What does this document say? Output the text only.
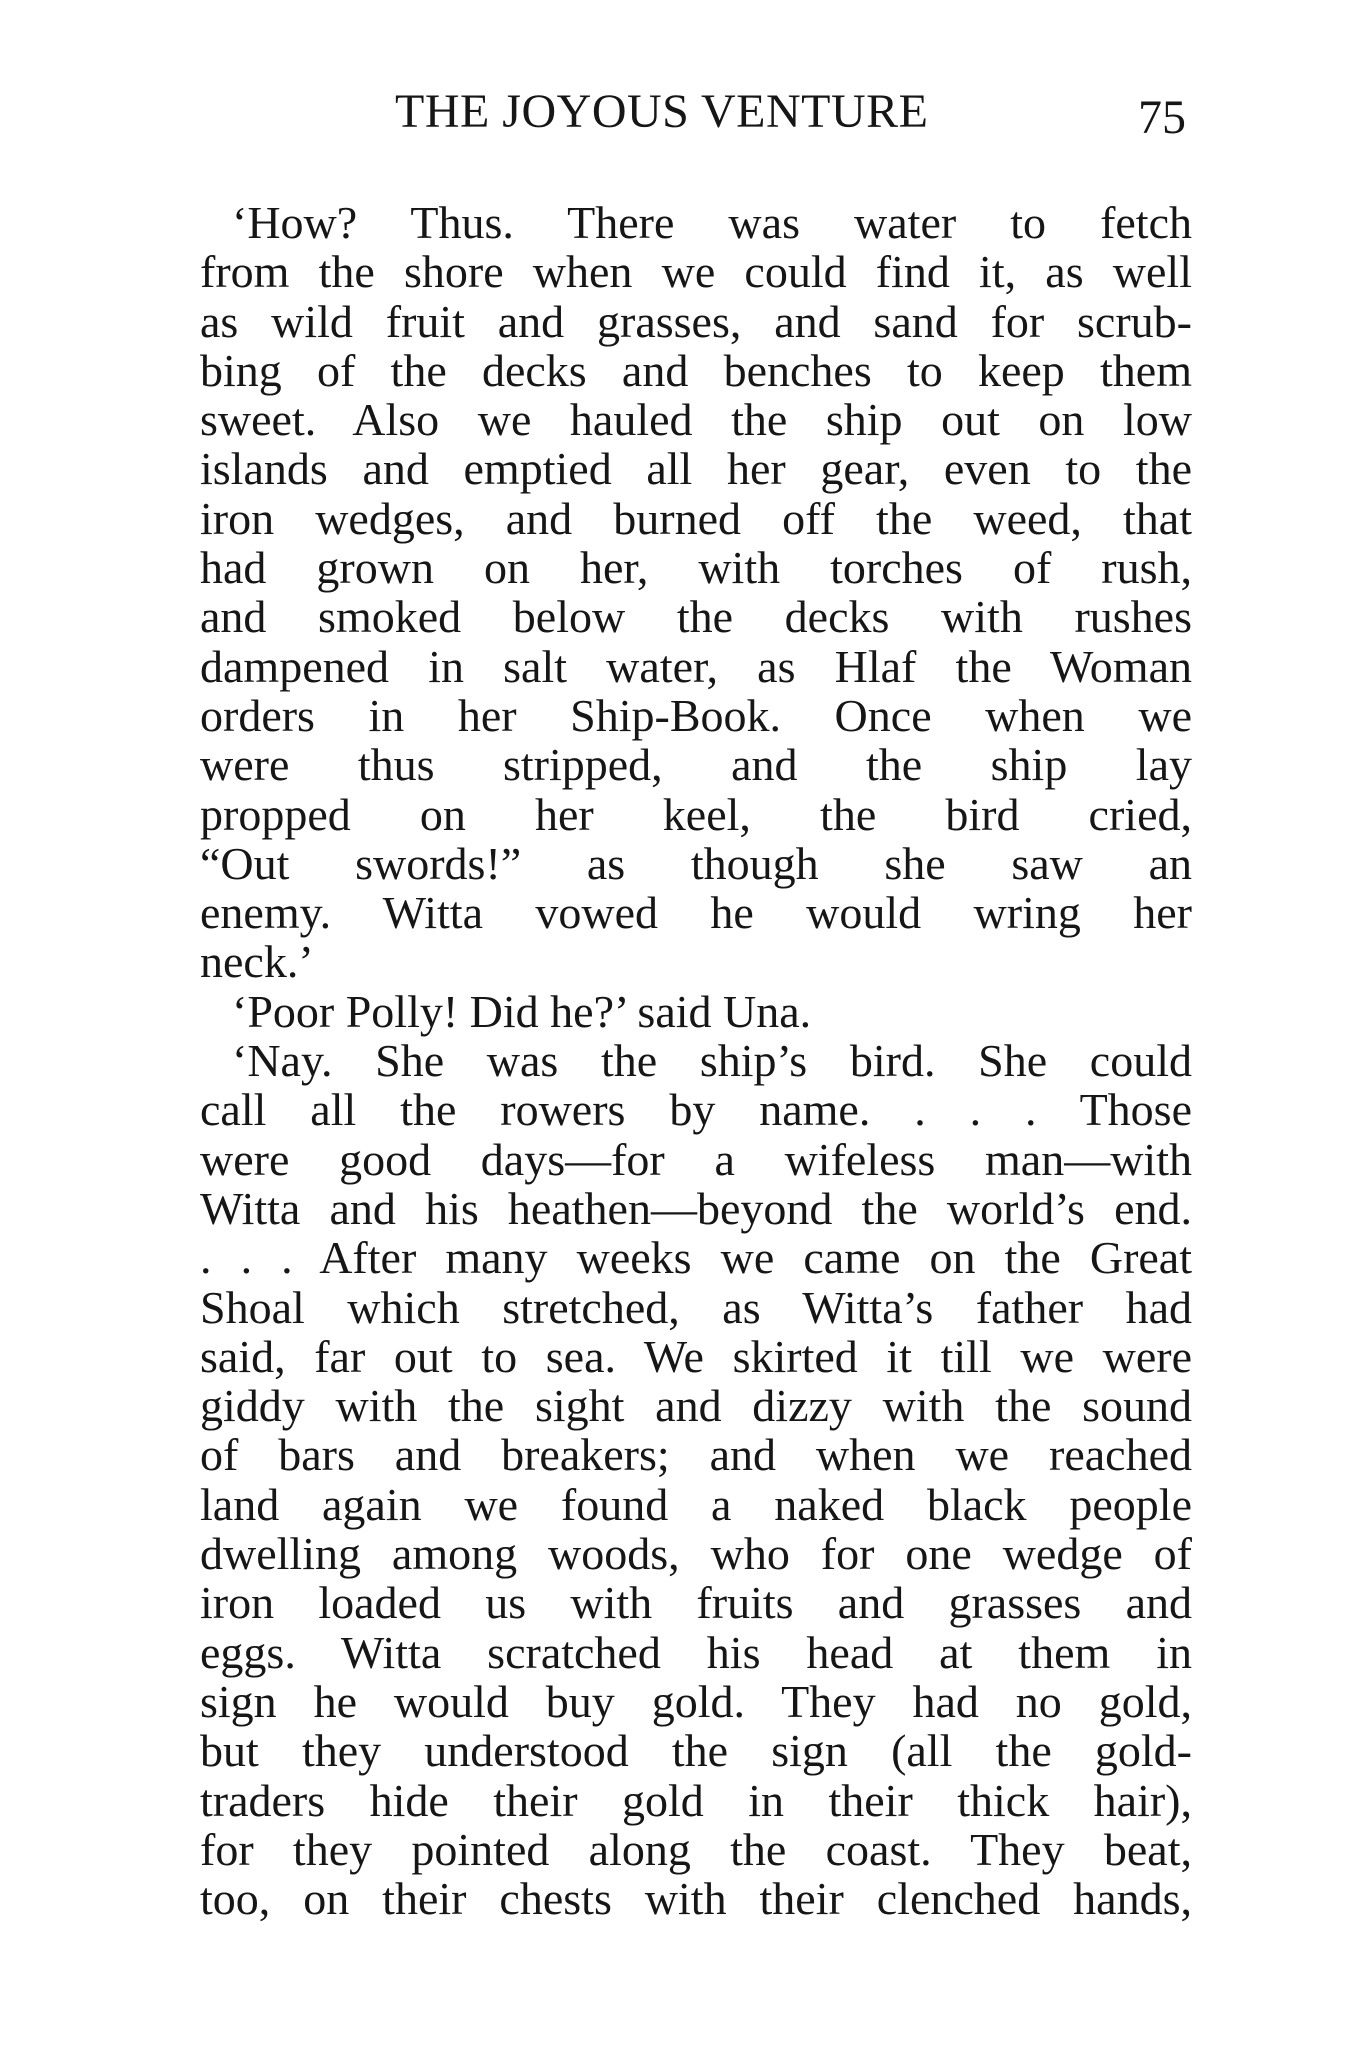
THE JOYOUS VENTURE	75
‘How? Thus. There was water to fetch
from the shore when we could find it, as well
as wild fruit and grasses, and sand for scrub-
bing of the decks and benches to keep them
sweet. Also we hauled the ship out on low
islands and emptied all her gear, even to the
iron wedges, and burned off the weed, that
had grown on her, with torches of rush,
and smoked below the decks with rushes
dampened in salt water, as Hlaf the Woman
orders in her Ship-Book. Once when we
were thus stripped, and the ship lay
propped on her keel, the bird cried,
“Out swords!” as though she saw an
enemy. Witta vowed he would wring her
neck.’
‘Poor Polly! Did he?’ said Una.
‘Nay. She was the ship’s bird. She could
call all the rowers by name. . . . Those
were good days—for a wifeless man—with
Witta and his heathen—beyond the world’s end.
. . . After many weeks we came on the Great
Shoal which stretched, as Witta’s father had
said, far out to sea. We skirted it till we were
giddy with the sight and dizzy with the sound
of bars and breakers; and when we reached
land again we found a naked black people
dwelling among woods, who for one wedge of
iron loaded us with fruits and grasses and
eggs. Witta scratched his head at them in
sign he would buy gold. They had no gold,
but they understood the sign (all the gold-
traders hide their gold in their thick hair),
for they pointed along the coast. They beat,
too, on their chests with their clenched hands,
